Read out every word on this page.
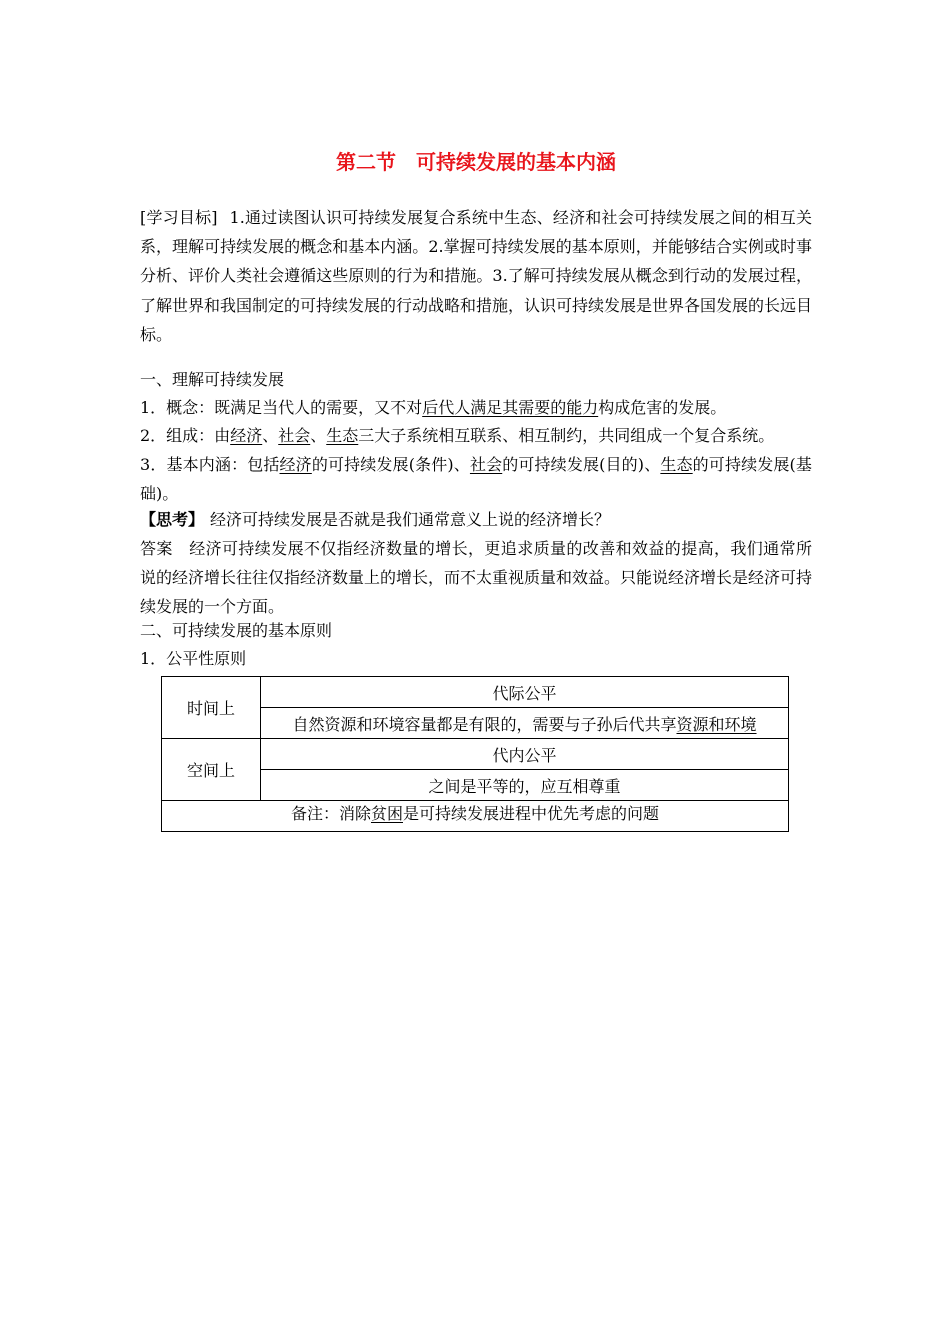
第二节　可持续发展的基本内涵
[学习目标] 1.通过读图认识可持续发展复合系统中生态、经济和社会可持续发展之间的相互关系，理解可持续发展的概念和基本内涵。2.掌握可持续发展的基本原则，并能够结合实例或时事分析、评价人类社会遵循这些原则的行为和措施。3.了解可持续发展从概念到行动的发展过程，了解世界和我国制定的可持续发展的行动战略和措施，认识可持续发展是世界各国发展的长远目标。
一、理解可持续发展
1．概念：既满足当代人的需要，又不对后代人满足其需要的能力构成危害的发展。
2．组成：由经济、社会、生态三大子系统相互联系、相互制约，共同组成一个复合系统。
3．基本内涵：包括经济的可持续发展(条件)、社会的可持续发展(目的)、生态的可持续发展(基础)。
【思考】 经济可持续发展是否就是我们通常意义上说的经济增长？
答案 经济可持续发展不仅指经济数量的增长，更追求质量的改善和效益的提高，我们通常所说的经济增长往往仅指经济数量上的增长，而不太重视质量和效益。只能说经济增长是经济可持续发展的一个方面。
二、可持续发展的基本原则
1．公平性原则
时间上	代际公平
	自然资源和环境容量都是有限的，需要与子孙后代共享资源和环境
空间上	代内公平
	之间是平等的，应互相尊重
备注：消除贫困是可持续发展进程中优先考虑的问题	
